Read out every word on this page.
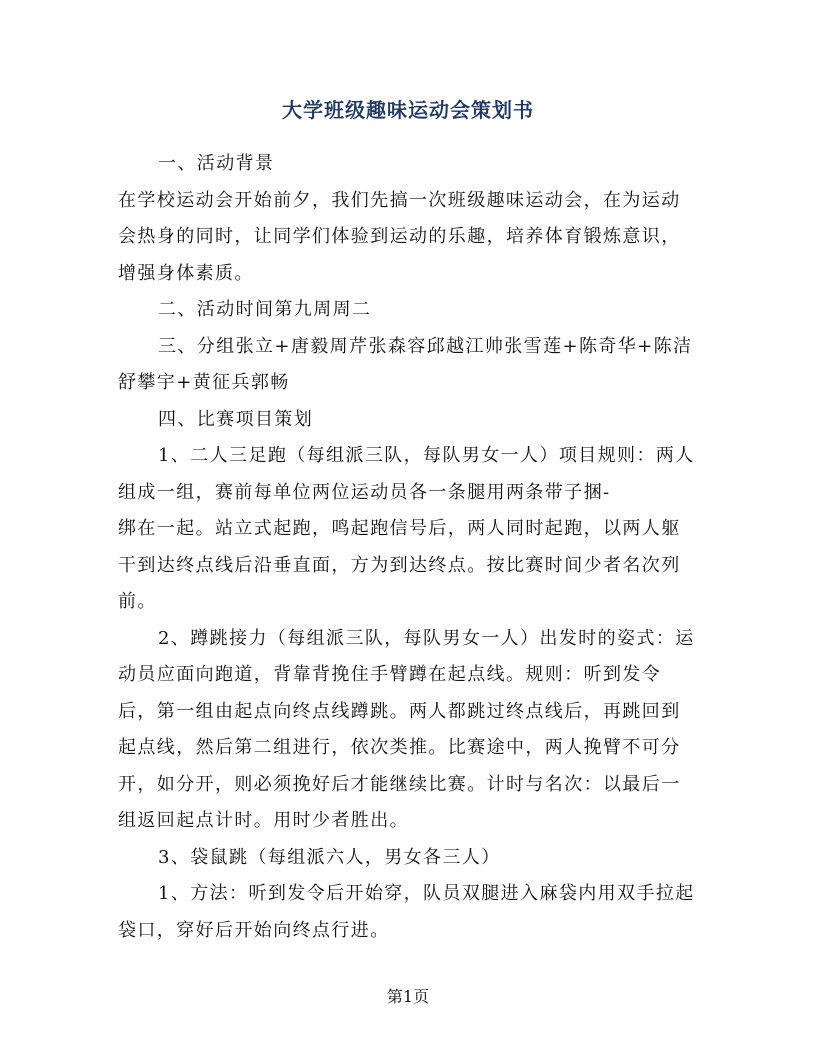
大学班级趣味运动会策划书

一、活动背景

在学校运动会开始前夕，我们先搞一次班级趣味运动会，在为运动会热身的同时，让同学们体验到运动的乐趣，培养体育锻炼意识，增强身体素质。

二、活动时间第九周周二

三、分组张立+唐毅周芹张森容邱越江帅张雪莲+陈奇华+陈洁舒攀宇+黄征兵郭畅

四、比赛项目策划

1、二人三足跑（每组派三队，每队男女一人）项目规则：两人组成一组，赛前每单位两位运动员各一条腿用两条带子捆-

绑在一起。站立式起跑，鸣起跑信号后，两人同时起跑，以两人躯干到达终点线后沿垂直面，方为到达终点。按比赛时间少者名次列前。

2、蹲跳接力（每组派三队，每队男女一人）出发时的姿式：运动员应面向跑道，背靠背挽住手臂蹲在起点线。规则：听到发令后，第一组由起点向终点线蹲跳。两人都跳过终点线后，再跳回到起点线，然后第二组进行，依次类推。比赛途中，两人挽臂不可分开，如分开，则必须挽好后才能继续比赛。计时与名次：以最后一组返回起点计时。用时少者胜出。

3、袋鼠跳（每组派六人，男女各三人）

1、方法：听到发令后开始穿，队员双腿进入麻袋内用双手拉起袋口，穿好后开始向终点行进。

第1页
